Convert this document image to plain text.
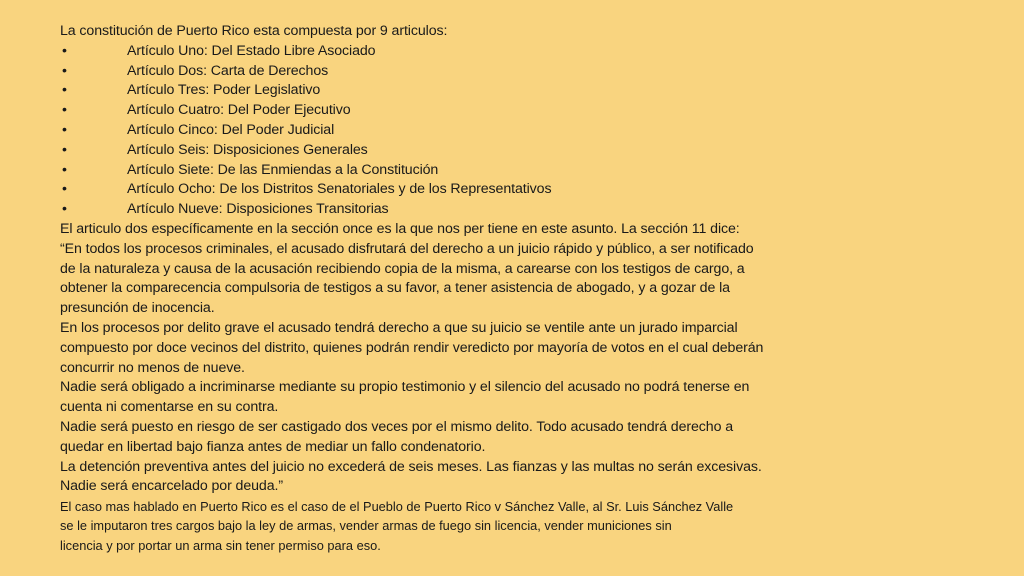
La constitución de Puerto Rico esta compuesta por 9 articulos:
•	Artículo Uno: Del Estado Libre Asociado
•	Artículo Dos: Carta de Derechos
•	Artículo Tres: Poder Legislativo
•	Artículo Cuatro: Del Poder Ejecutivo
•	Artículo Cinco: Del Poder Judicial
•	Artículo Seis: Disposiciones Generales
•	Artículo Siete: De las Enmiendas a la Constitución
•	Artículo Ocho: De los Distritos Senatoriales y de los Representativos
•	Artículo Nueve: Disposiciones Transitorias
El articulo dos específicamente en la sección once es la que nos per tiene en este asunto. La sección 11 dice:
“En todos los procesos criminales, el acusado disfrutará del derecho a un juicio rápido y público, a ser notificado
de la naturaleza y causa de la acusación recibiendo copia de la misma, a carearse con los testigos de cargo, a
obtener la comparecencia compulsoria de testigos a su favor, a tener asistencia de abogado, y a gozar de la
presunción de inocencia.
En los procesos por delito grave el acusado tendrá derecho a que su juicio se ventile ante un jurado imparcial
compuesto por doce vecinos del distrito, quienes podrán rendir veredicto por mayoría de votos en el cual deberán
concurrir no menos de nueve.
Nadie será obligado a incriminarse mediante su propio testimonio y el silencio del acusado no podrá tenerse en
cuenta ni comentarse en su contra.
Nadie será puesto en riesgo de ser castigado dos veces por el mismo delito. Todo acusado tendrá derecho a
quedar en libertad bajo fianza antes de mediar un fallo condenatorio.
La detención preventiva antes del juicio no excederá de seis meses. Las fianzas y las multas no serán excesivas.
Nadie será encarcelado por deuda.”
El caso mas hablado en Puerto Rico es el caso de el Pueblo de Puerto Rico v Sánchez Valle, al Sr. Luis Sánchez Valle
se le imputaron tres cargos bajo la ley de armas, vender armas de fuego sin licencia, vender municiones sin
licencia y por portar un arma sin tener permiso para eso.
